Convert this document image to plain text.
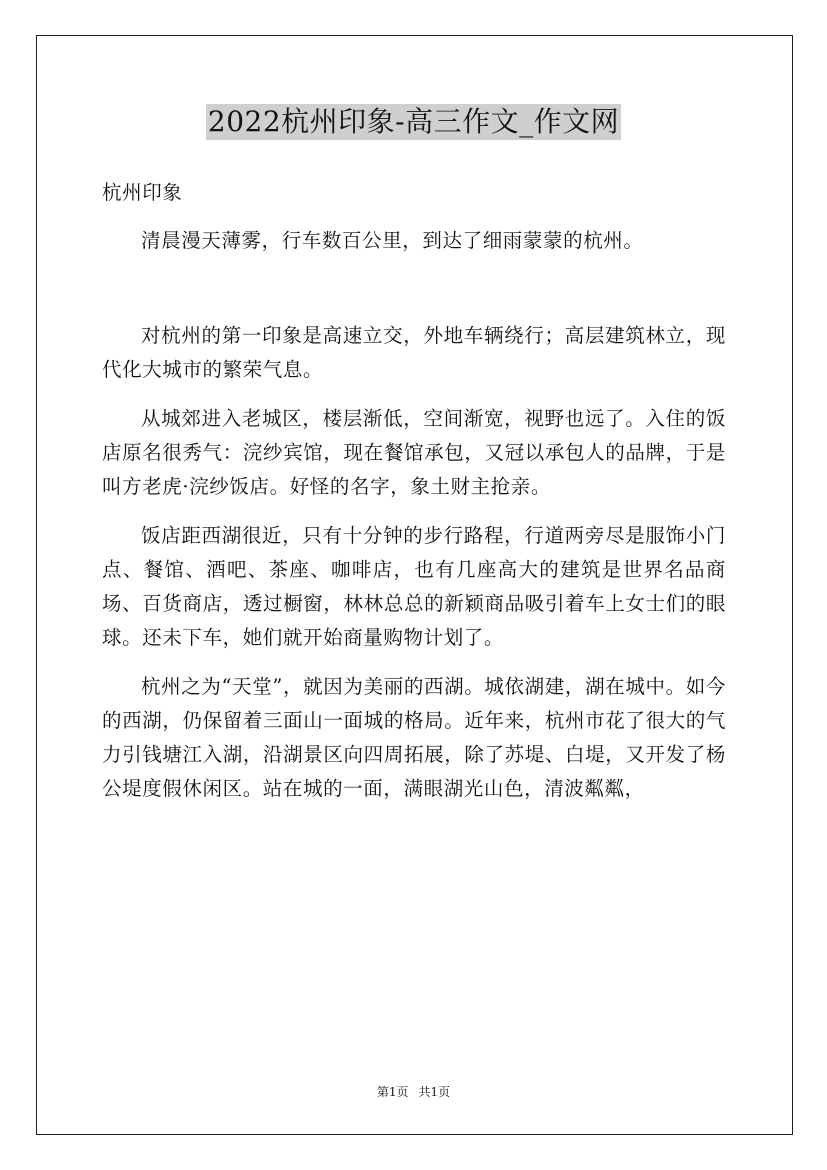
2022杭州印象-高三作文_作文网

杭州印象

清晨漫天薄雾，行车数百公里，到达了细雨蒙蒙的杭州。

对杭州的第一印象是高速立交，外地车辆绕行；高层建筑林立，现代化大城市的繁荣气息。

从城郊进入老城区，楼层渐低，空间渐宽，视野也远了。入住的饭店原名很秀气：浣纱宾馆，现在餐馆承包，又冠以承包人的品牌，于是叫方老虎·浣纱饭店。好怪的名字，象土财主抢亲。

饭店距西湖很近，只有十分钟的步行路程，行道两旁尽是服饰小门点、餐馆、酒吧、茶座、咖啡店，也有几座高大的建筑是世界名品商场、百货商店，透过橱窗，林林总总的新颖商品吸引着车上女士们的眼球。还未下车，她们就开始商量购物计划了。

杭州之为“天堂”，就因为美丽的西湖。城依湖建，湖在城中。如今的西湖，仍保留着三面山一面城的格局。近年来，杭州市花了很大的气力引钱塘江入湖，沿湖景区向四周拓展，除了苏堤、白堤，又开发了杨公堤度假休闲区。站在城的一面，满眼湖光山色，清波粼粼，

第1页 共1页
